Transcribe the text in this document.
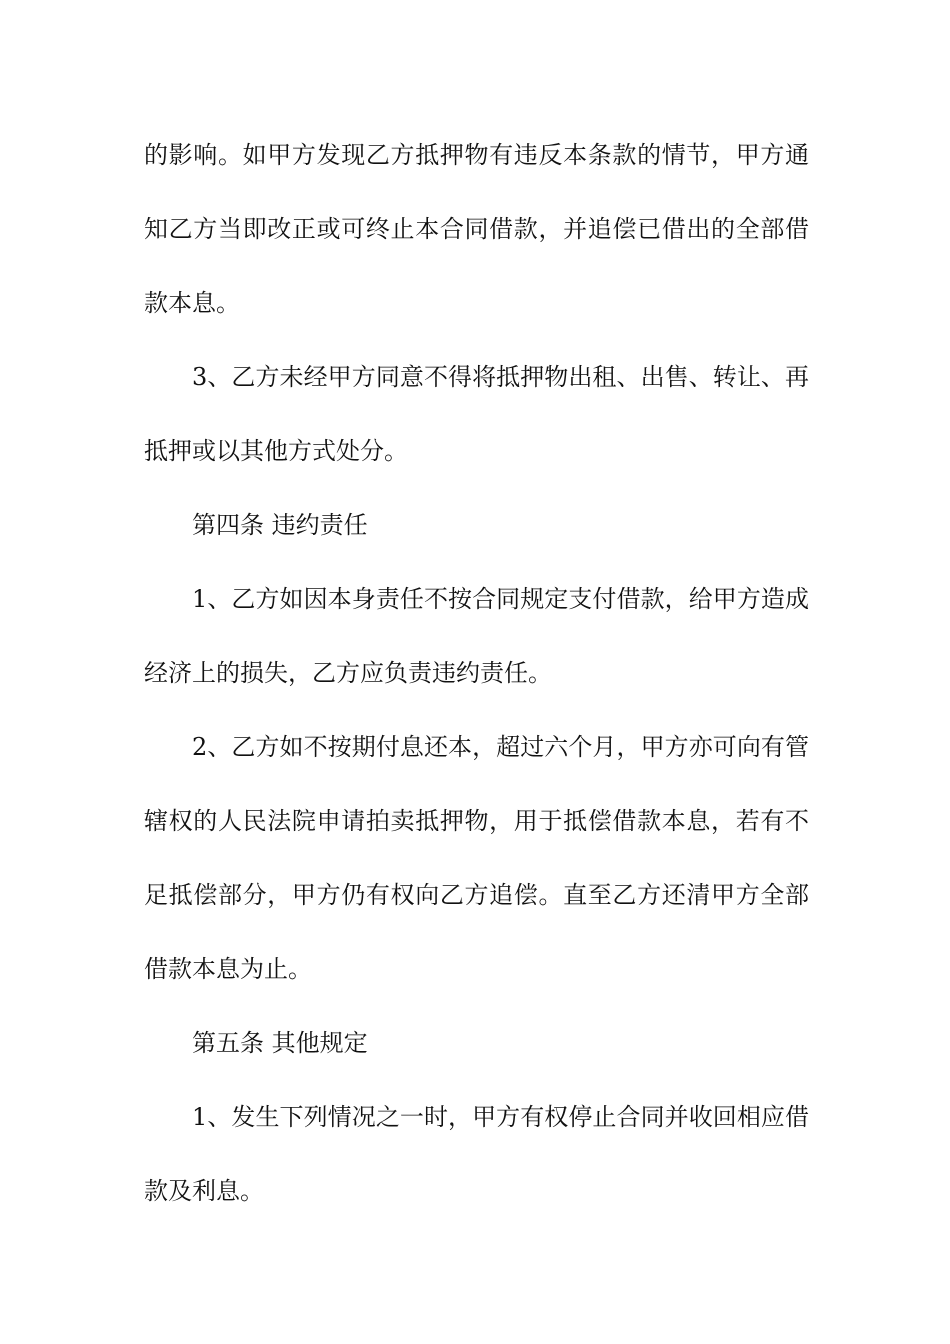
的影响。如甲方发现乙方抵押物有违反本条款的情节，甲方通
知乙方当即改正或可终止本合同借款，并追偿已借出的全部借
款本息。
3、乙方未经甲方同意不得将抵押物出租、出售、转让、再
抵押或以其他方式处分。
第四条 违约责任
1、乙方如因本身责任不按合同规定支付借款，给甲方造成
经济上的损失，乙方应负责违约责任。
2、乙方如不按期付息还本，超过六个月，甲方亦可向有管
辖权的人民法院申请拍卖抵押物，用于抵偿借款本息，若有不
足抵偿部分，甲方仍有权向乙方追偿。直至乙方还清甲方全部
借款本息为止。
第五条 其他规定
1、发生下列情况之一时，甲方有权停止合同并收回相应借
款及利息。
